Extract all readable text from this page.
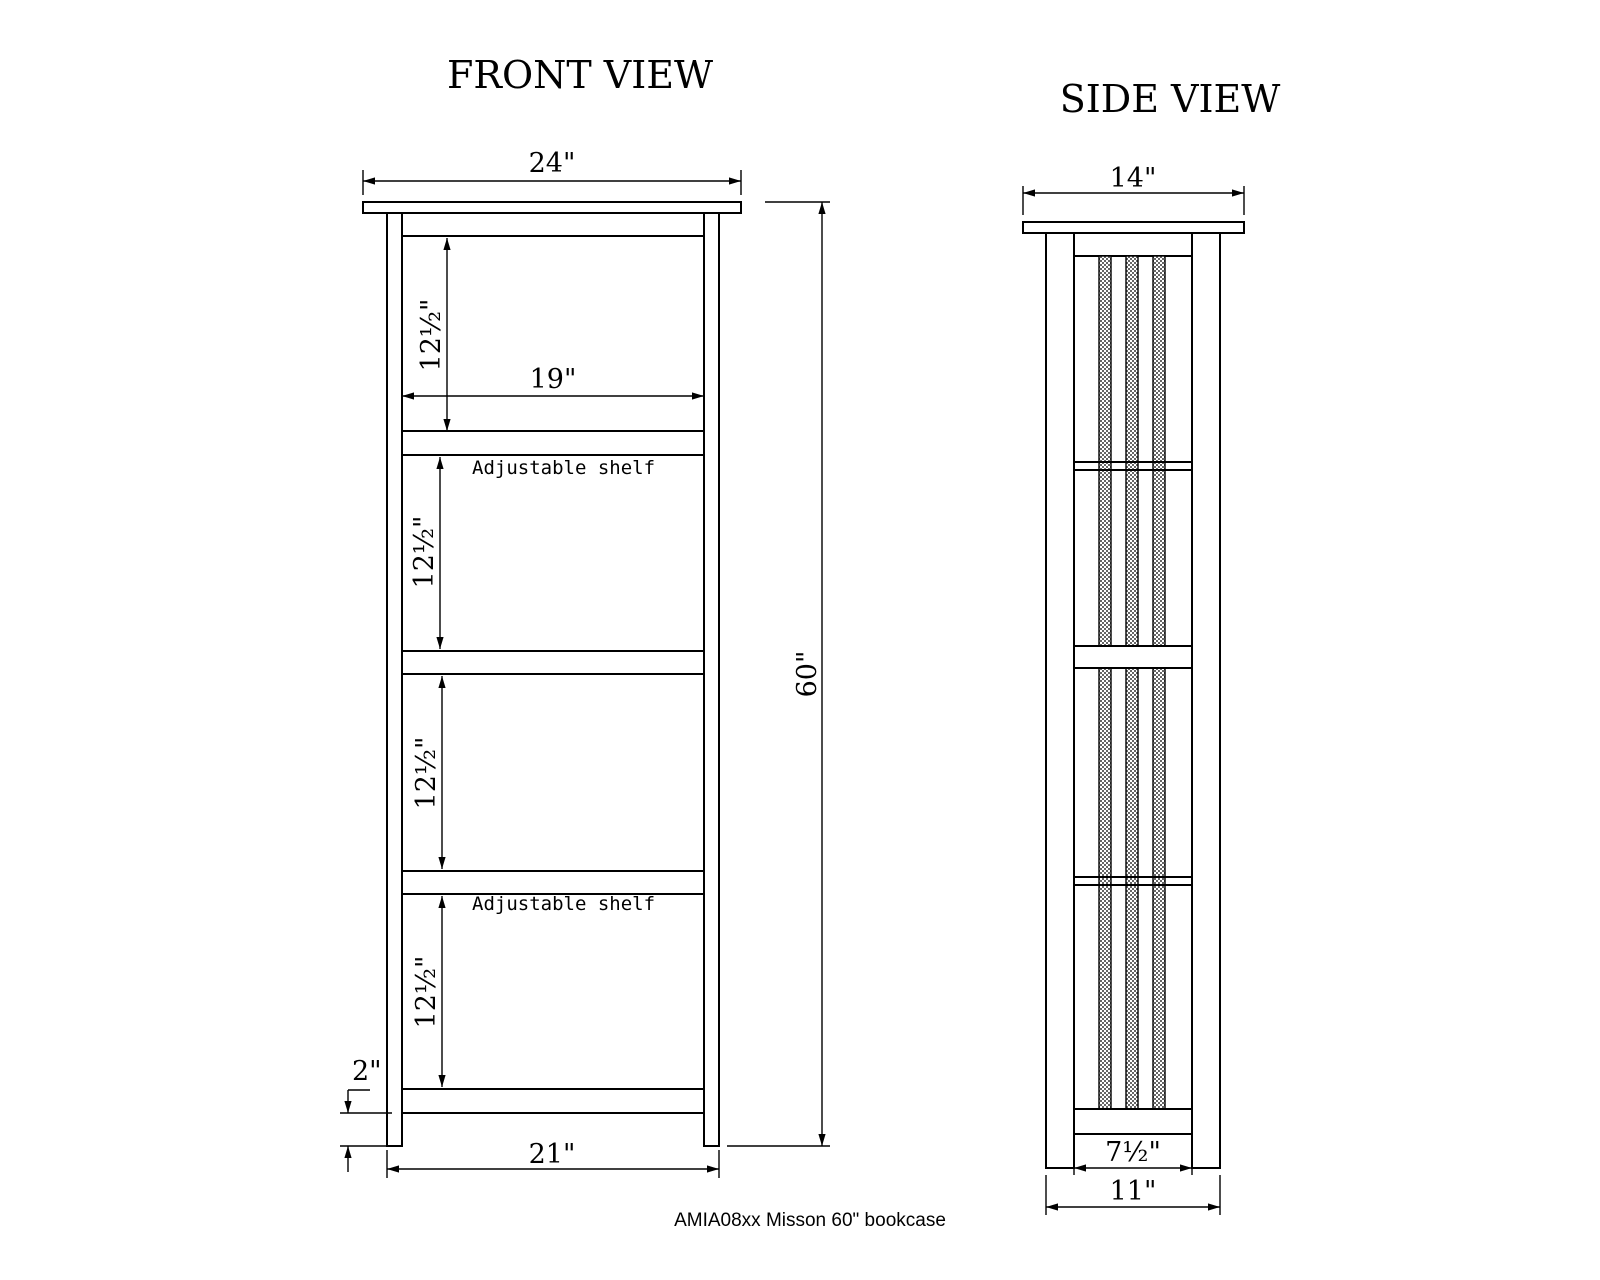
FRONT VIEW
24"
19"
12½"
12½"
12½"
12½"
Adjustable shelf
Adjustable shelf
60"
2"
21"
SIDE VIEW
14"
7½"
11"
AMIA08xx Misson 60" bookcase
